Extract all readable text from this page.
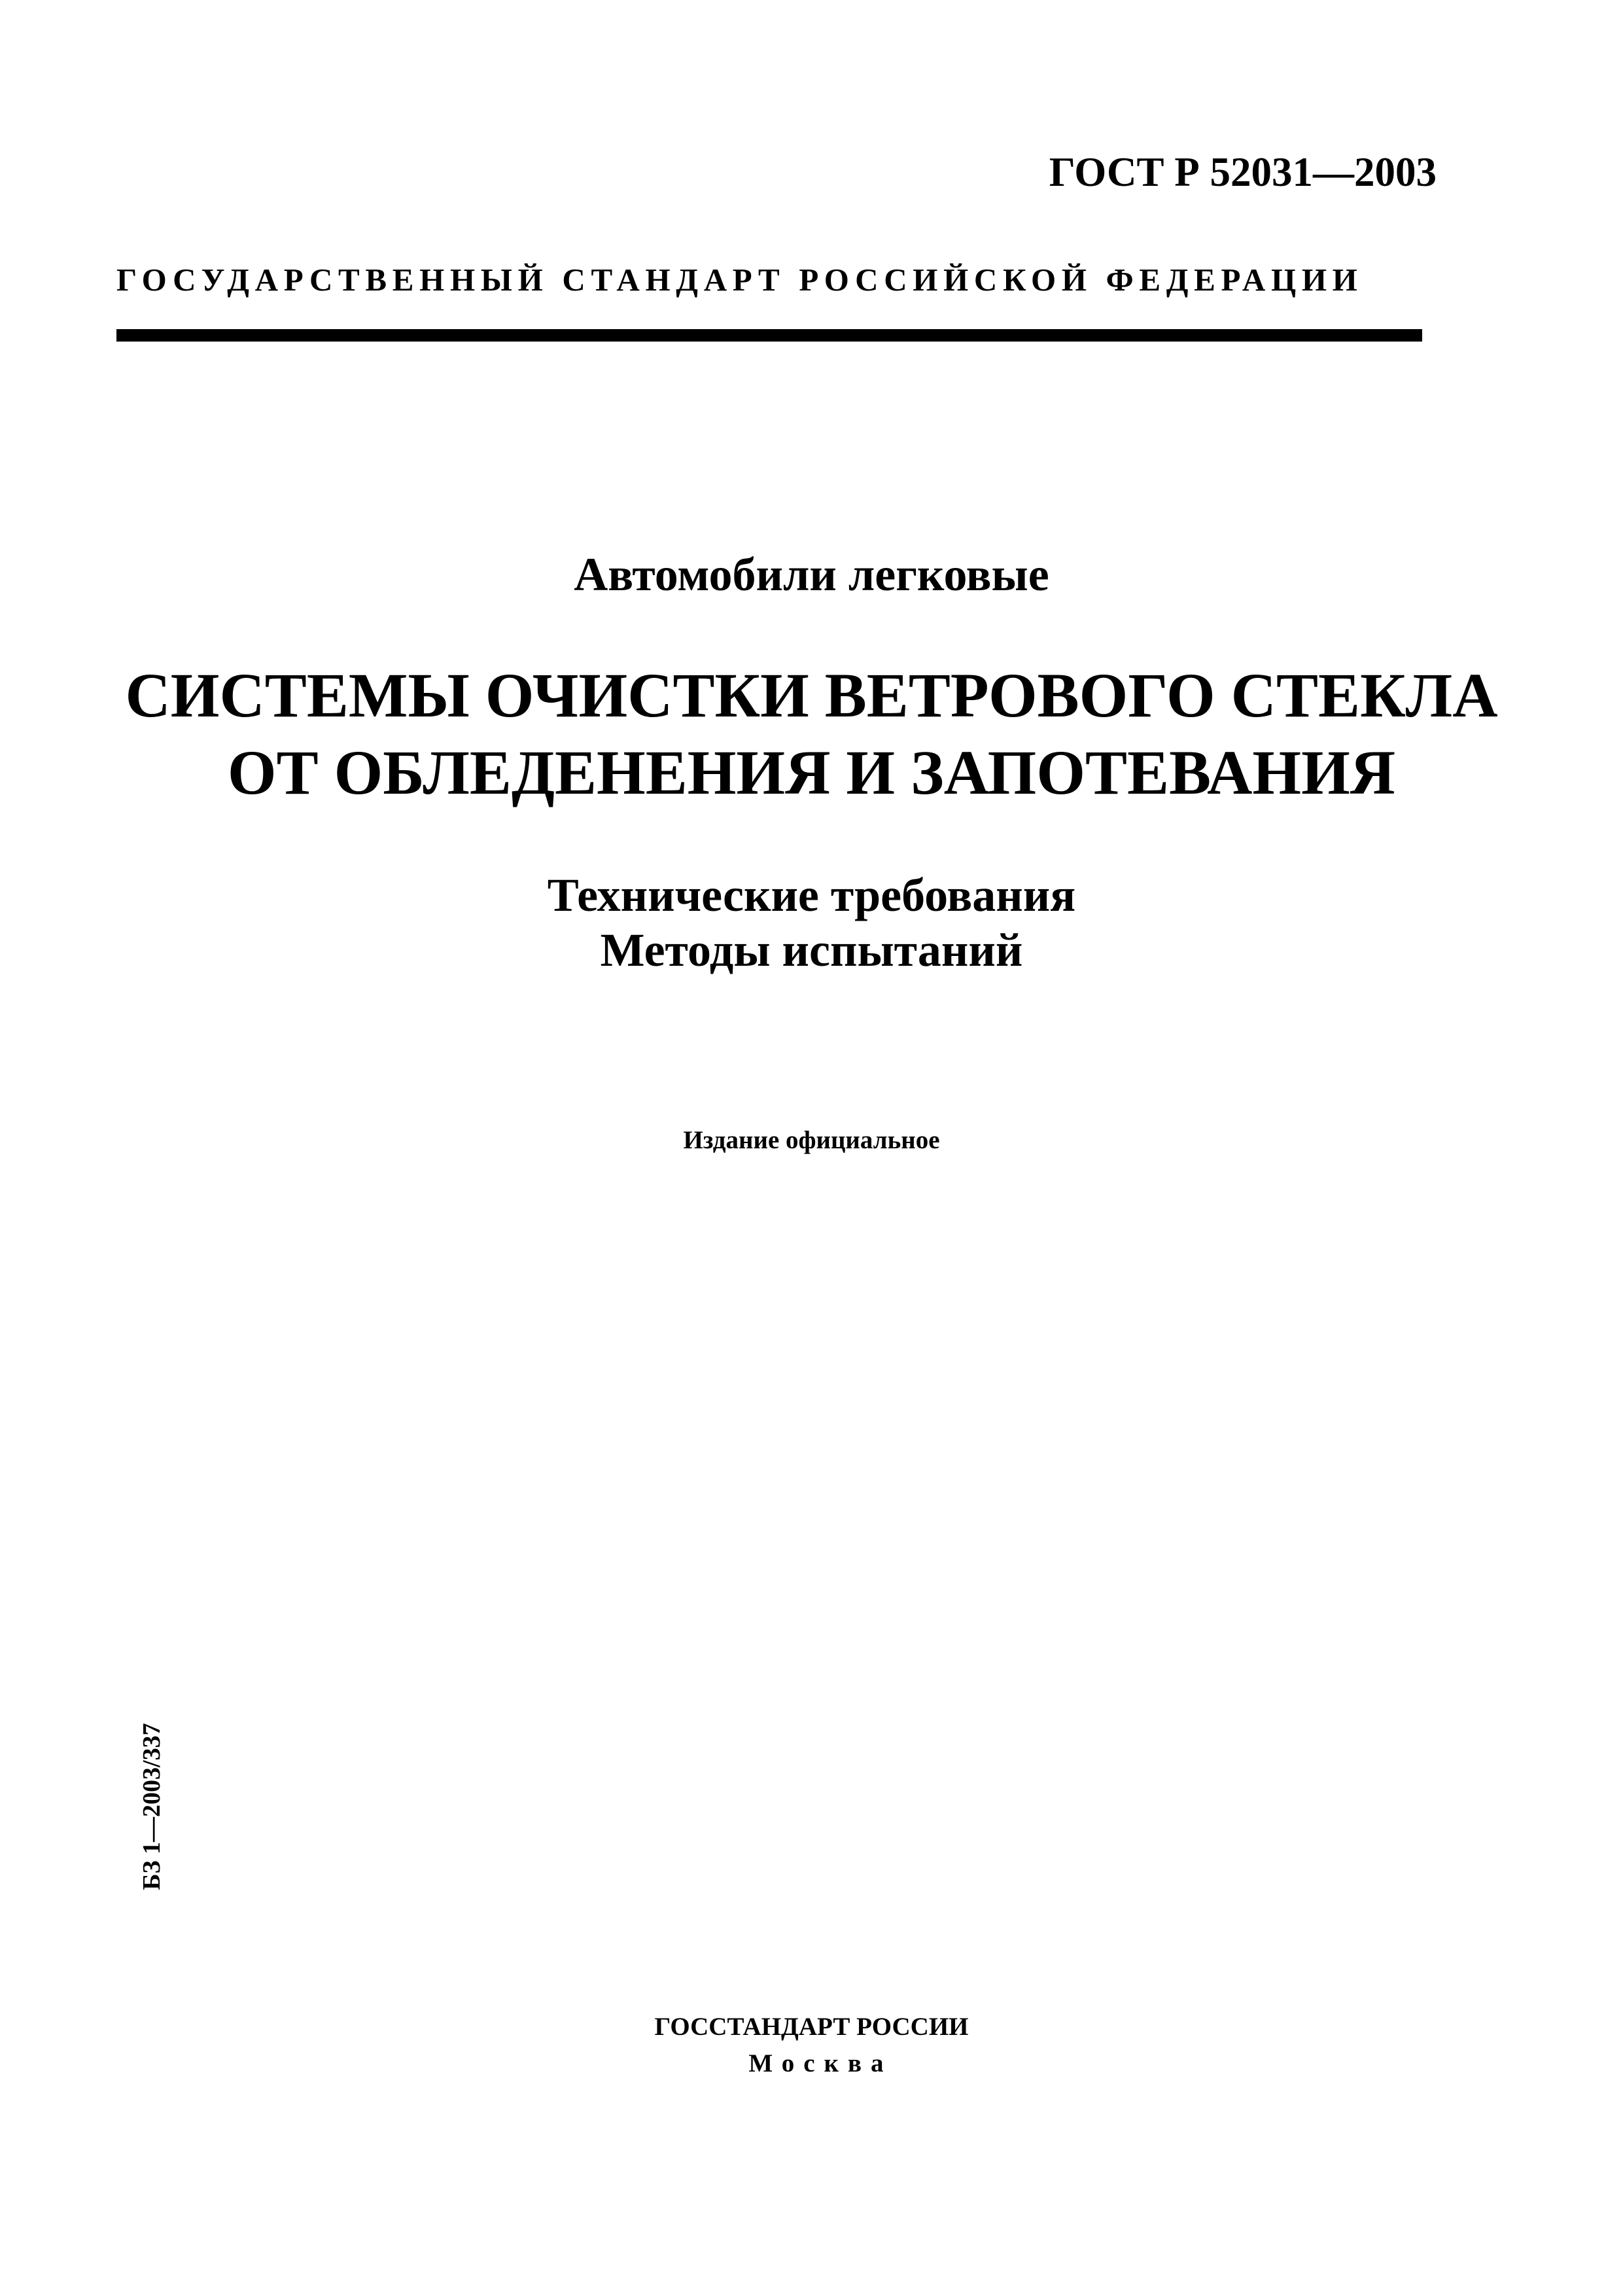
ГОСТ Р 52031—2003
ГОСУДАРСТВЕННЫЙ СТАНДАРТ РОССИЙСКОЙ ФЕДЕРАЦИИ
Автомобили легковые
СИСТЕМЫ ОЧИСТКИ ВЕТРОВОГО СТЕКЛА
ОТ ОБЛЕДЕНЕНИЯ И ЗАПОТЕВАНИЯ
Технические требования
Методы испытаний
Издание официальное
БЗ 1—2003/337
ГОССТАНДАРТ РОССИИ
Москва
